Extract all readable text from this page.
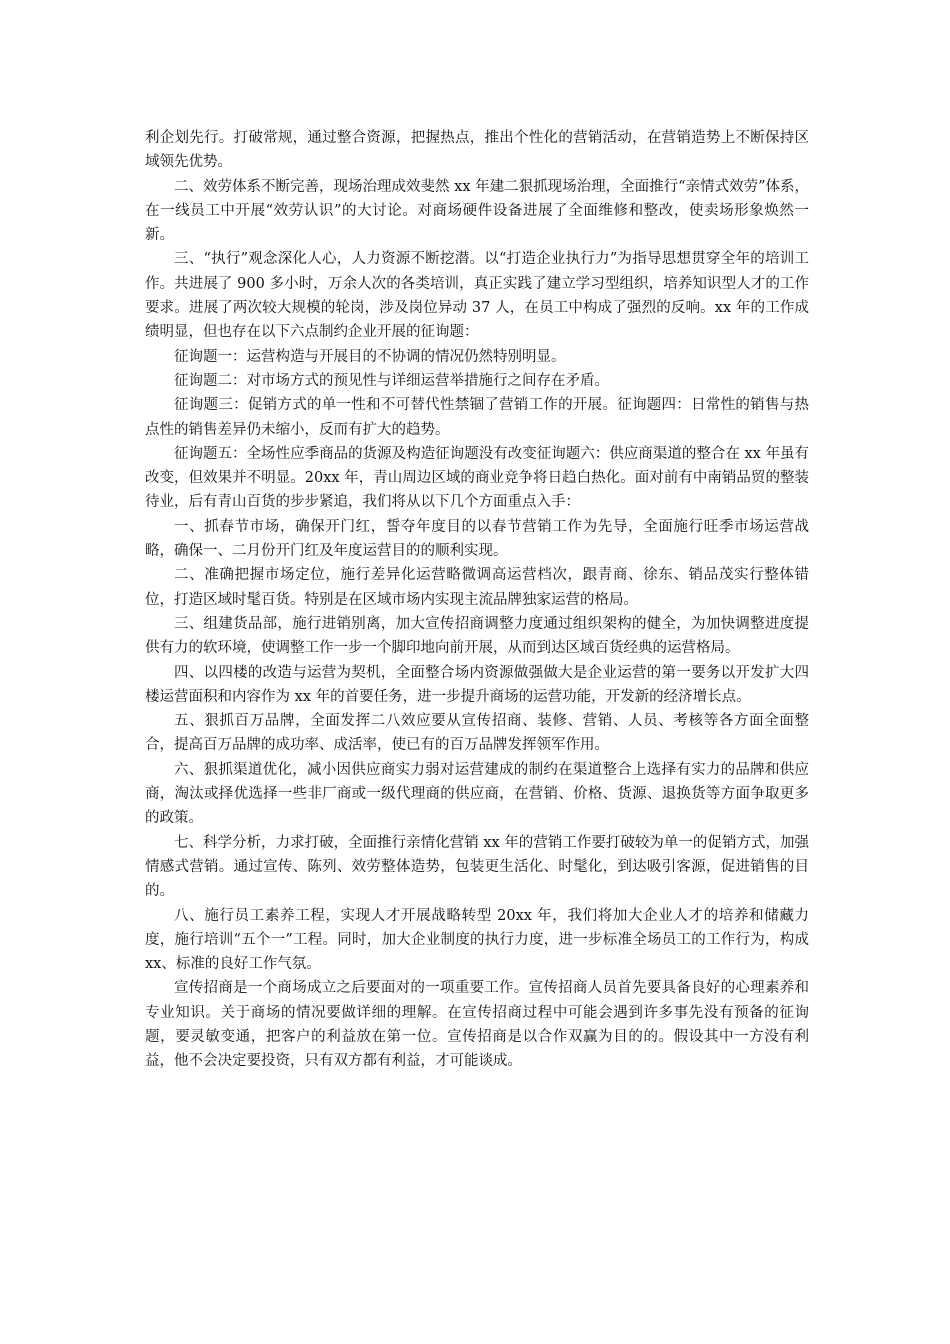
利企划先行。打破常规，通过整合资源，把握热点，推出个性化的营销活动，在营销造势上不断保持区域领先优势。

二、效劳体系不断完善，现场治理成效斐然 xx 年建二狠抓现场治理，全面推行“亲情式效劳”体系，在一线员工中开展“效劳认识”的大讨论。对商场硬件设备进展了全面维修和整改，使卖场形象焕然一新。

三、“执行”观念深化人心，人力资源不断挖潜。以“打造企业执行力”为指导思想贯穿全年的培训工作。共进展了 900 多小时，万余人次的各类培训，真正实践了建立学习型组织，培养知识型人才的工作要求。进展了两次较大规模的轮岗，涉及岗位异动 37 人，在员工中构成了强烈的反响。xx 年的工作成绩明显，但也存在以下六点制约企业开展的征询题：

征询题一：运营构造与开展目的不协调的情况仍然特别明显。

征询题二：对市场方式的预见性与详细运营举措施行之间存在矛盾。

征询题三：促销方式的单一性和不可替代性禁锢了营销工作的开展。征询题四：日常性的销售与热点性的销售差异仍未缩小，反而有扩大的趋势。

征询题五：全场性应季商品的货源及构造征询题没有改变征询题六：供应商渠道的整合在 xx 年虽有改变，但效果并不明显。20xx 年，青山周边区域的商业竞争将日趋白热化。面对前有中南销品贸的整装待业，后有青山百货的步步紧追，我们将从以下几个方面重点入手：

一、抓春节市场，确保开门红，誓夺年度目的以春节营销工作为先导，全面施行旺季市场运营战略，确保一、二月份开门红及年度运营目的的顺利实现。

二、准确把握市场定位，施行差异化运营略微调高运营档次，跟青商、徐东、销品茂实行整体错位，打造区域时髦百货。特别是在区域市场内实现主流品牌独家运营的格局。

三、组建货品部，施行进销别离，加大宣传招商调整力度通过组织架构的健全，为加快调整进度提供有力的软环境，使调整工作一步一个脚印地向前开展，从而到达区域百货经典的运营格局。

四、以四楼的改造与运营为契机，全面整合场内资源做强做大是企业运营的第一要务以开发扩大四楼运营面积和内容作为 xx 年的首要任务，进一步提升商场的运营功能，开发新的经济增长点。

五、狠抓百万品牌，全面发挥二八效应要从宣传招商、装修、营销、人员、考核等各方面全面整合，提高百万品牌的成功率、成活率，使已有的百万品牌发挥领军作用。

六、狠抓渠道优化，减小因供应商实力弱对运营建成的制约在渠道整合上选择有实力的品牌和供应商，淘汰或择优选择一些非厂商或一级代理商的供应商，在营销、价格、货源、退换货等方面争取更多的政策。

七、科学分析，力求打破，全面推行亲情化营销 xx 年的营销工作要打破较为单一的促销方式，加强情感式营销。通过宣传、陈列、效劳整体造势，包装更生活化、时髦化，到达吸引客源，促进销售的目的。

八、施行员工素养工程，实现人才开展战略转型 20xx 年，我们将加大企业人才的培养和储藏力度，施行培训“五个一”工程。同时，加大企业制度的执行力度，进一步标准全场员工的工作行为，构成 xx、标准的良好工作气氛。

宣传招商是一个商场成立之后要面对的一项重要工作。宣传招商人员首先要具备良好的心理素养和专业知识。关于商场的情况要做详细的理解。在宣传招商过程中可能会遇到许多事先没有预备的征询题，要灵敏变通，把客户的利益放在第一位。宣传招商是以合作双赢为目的的。假设其中一方没有利益，他不会决定要投资，只有双方都有利益，才可能谈成。
